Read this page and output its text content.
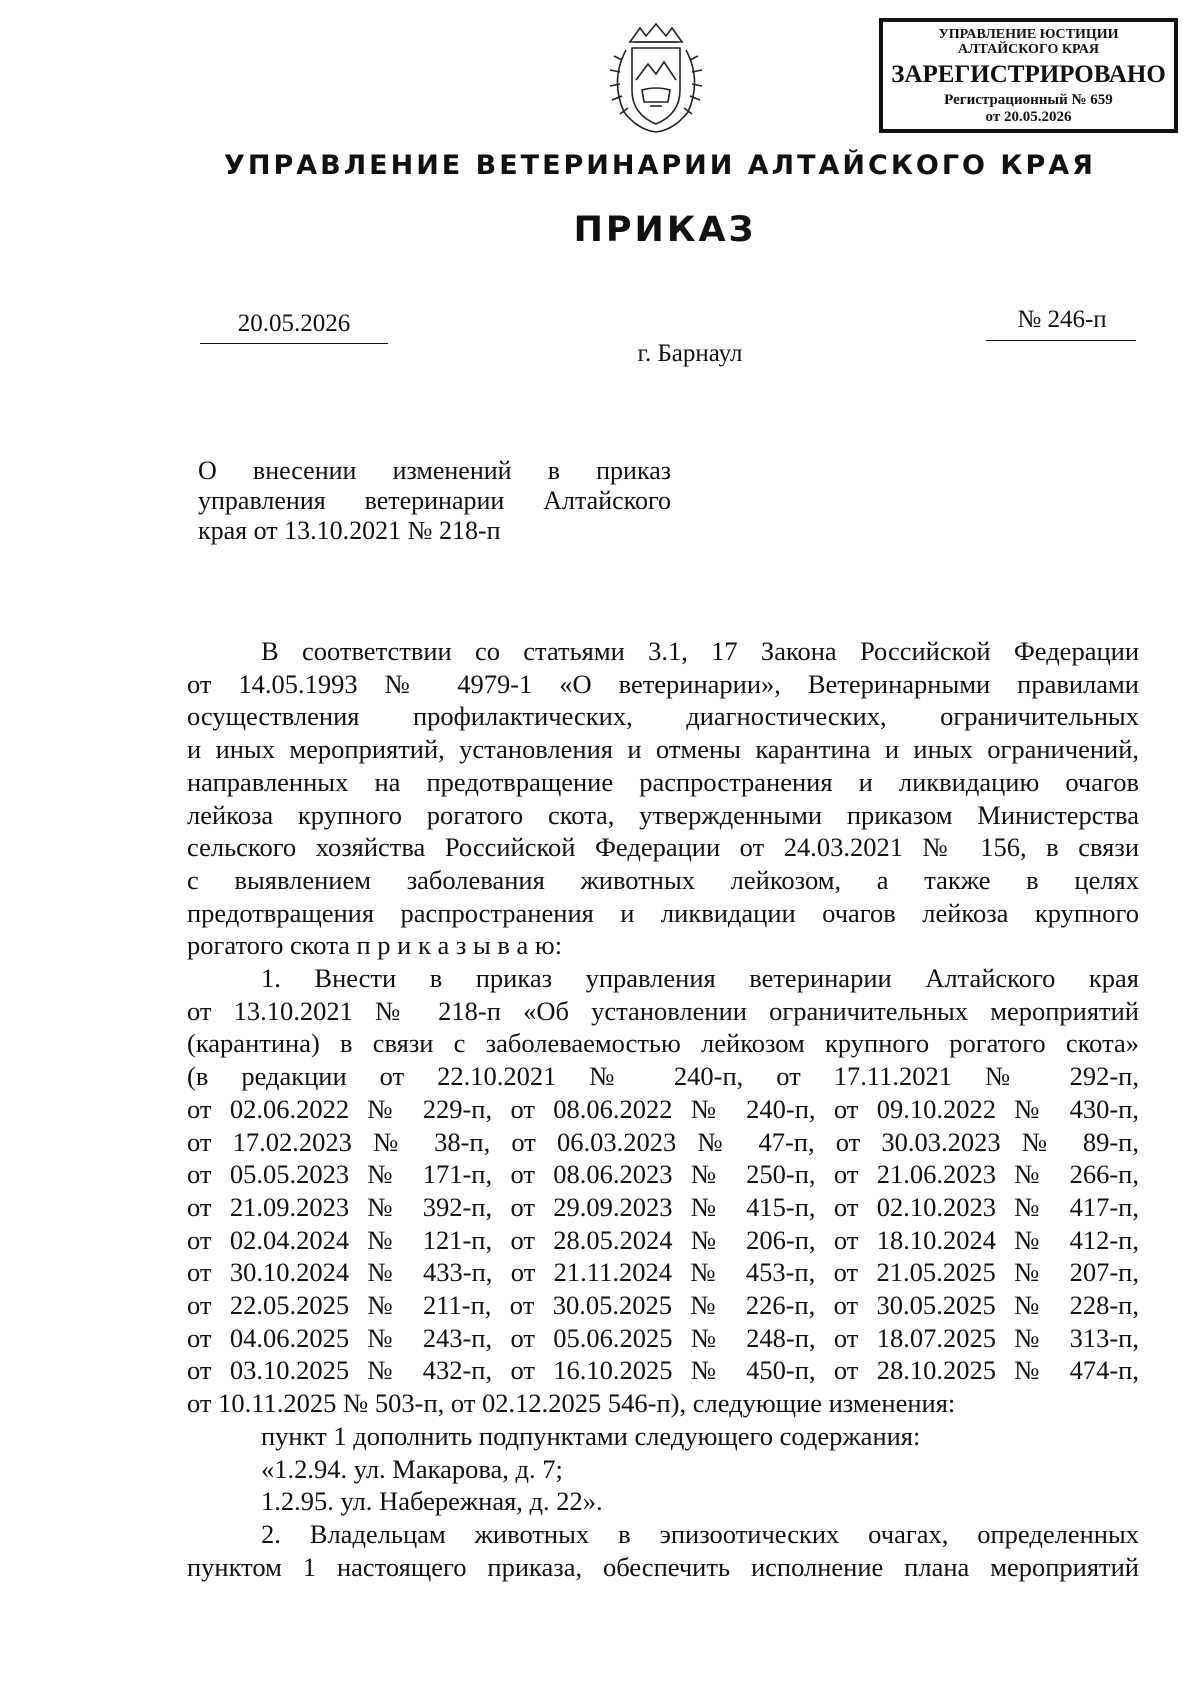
УПРАВЛЕНИЕ ЮСТИЦИИ
АЛТАЙСКОГО КРАЯ
ЗАРЕГИСТРИРОВАНО
Регистрационный № 659
от 20.05.2026
УПРАВЛЕНИЕ ВЕТЕРИНАРИИ АЛТАЙСКОГО КРАЯ
ПРИКАЗ
20.05.2026	№ 246-п
г. Барнаул
О внесении изменений в приказ
управления ветеринарии Алтайского
края от 13.10.2021 № 218-п
В соответствии со статьями 3.1, 17 Закона Российской Федерации
от 14.05.1993 № 4979-1 «О ветеринарии», Ветеринарными правилами
осуществления профилактических, диагностических, ограничительных
и иных мероприятий, установления и отмены карантина и иных ограничений,
направленных на предотвращение распространения и ликвидацию очагов
лейкоза крупного рогатого скота, утвержденными приказом Министерства
сельского хозяйства Российской Федерации от 24.03.2021 № 156, в связи
с выявлением заболевания животных лейкозом, а также в целях
предотвращения распространения и ликвидации очагов лейкоза крупного
рогатого скота п р и к а з ы в а ю:
1. Внести в приказ управления ветеринарии Алтайского края
от 13.10.2021 № 218-п «Об установлении ограничительных мероприятий
(карантина) в связи с заболеваемостью лейкозом крупного рогатого скота»
(в редакции от 22.10.2021 № 240-п, от 17.11.2021 № 292-п,
от 02.06.2022 № 229-п, от 08.06.2022 № 240-п, от 09.10.2022 № 430-п,
от 17.02.2023 № 38-п, от 06.03.2023 № 47-п, от 30.03.2023 № 89-п,
от 05.05.2023 № 171-п, от 08.06.2023 № 250-п, от 21.06.2023 № 266-п,
от 21.09.2023 № 392-п, от 29.09.2023 № 415-п, от 02.10.2023 № 417-п,
от 02.04.2024 № 121-п, от 28.05.2024 № 206-п, от 18.10.2024 № 412-п,
от 30.10.2024 № 433-п, от 21.11.2024 № 453-п, от 21.05.2025 № 207-п,
от 22.05.2025 № 211-п, от 30.05.2025 № 226-п, от 30.05.2025 № 228-п,
от 04.06.2025 № 243-п, от 05.06.2025 № 248-п, от 18.07.2025 № 313-п,
от 03.10.2025 № 432-п, от 16.10.2025 № 450-п, от 28.10.2025 № 474-п,
от 10.11.2025 № 503-п, от 02.12.2025 546-п), следующие изменения:
пункт 1 дополнить подпунктами следующего содержания:
«1.2.94. ул. Макарова, д. 7;
1.2.95. ул. Набережная, д. 22».
2. Владельцам животных в эпизоотических очагах, определенных
пунктом 1 настоящего приказа, обеспечить исполнение плана мероприятий
